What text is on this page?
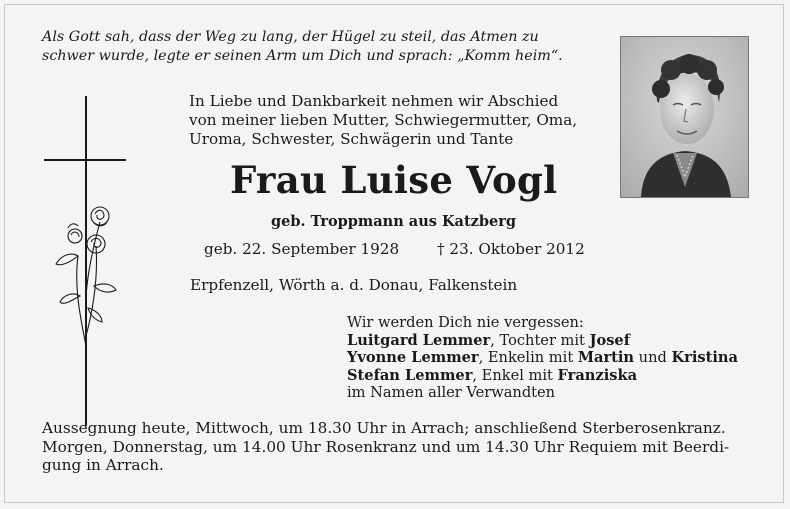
Als Gott sah, dass der Weg zu lang, der Hügel zu steil, das Atmen zu
schwer wurde, legte er seinen Arm um Dich und sprach: „Komm heim“.
In Liebe und Dankbarkeit nehmen wir Abschied
von meiner lieben Mutter, Schwiegermutter, Oma,
Uroma, Schwester, Schwägerin und Tante
Frau Luise Vogl
geb. Troppmann aus Katzberg
geb. 22. September 1928 † 23. Oktober 2012
Erpfenzell, Wörth a. d. Donau, Falkenstein
Wir werden Dich nie vergessen:
Luitgard Lemmer, Tochter mit Josef
Yvonne Lemmer, Enkelin mit Martin und Kristina
Stefan Lemmer, Enkel mit Franziska
im Namen aller Verwandten
Aussegnung heute, Mittwoch, um 18.30 Uhr in Arrach; anschließend Sterberosenkranz.
Morgen, Donnerstag, um 14.00 Uhr Rosenkranz und um 14.30 Uhr Requiem mit Beerdi-
gung in Arrach.
